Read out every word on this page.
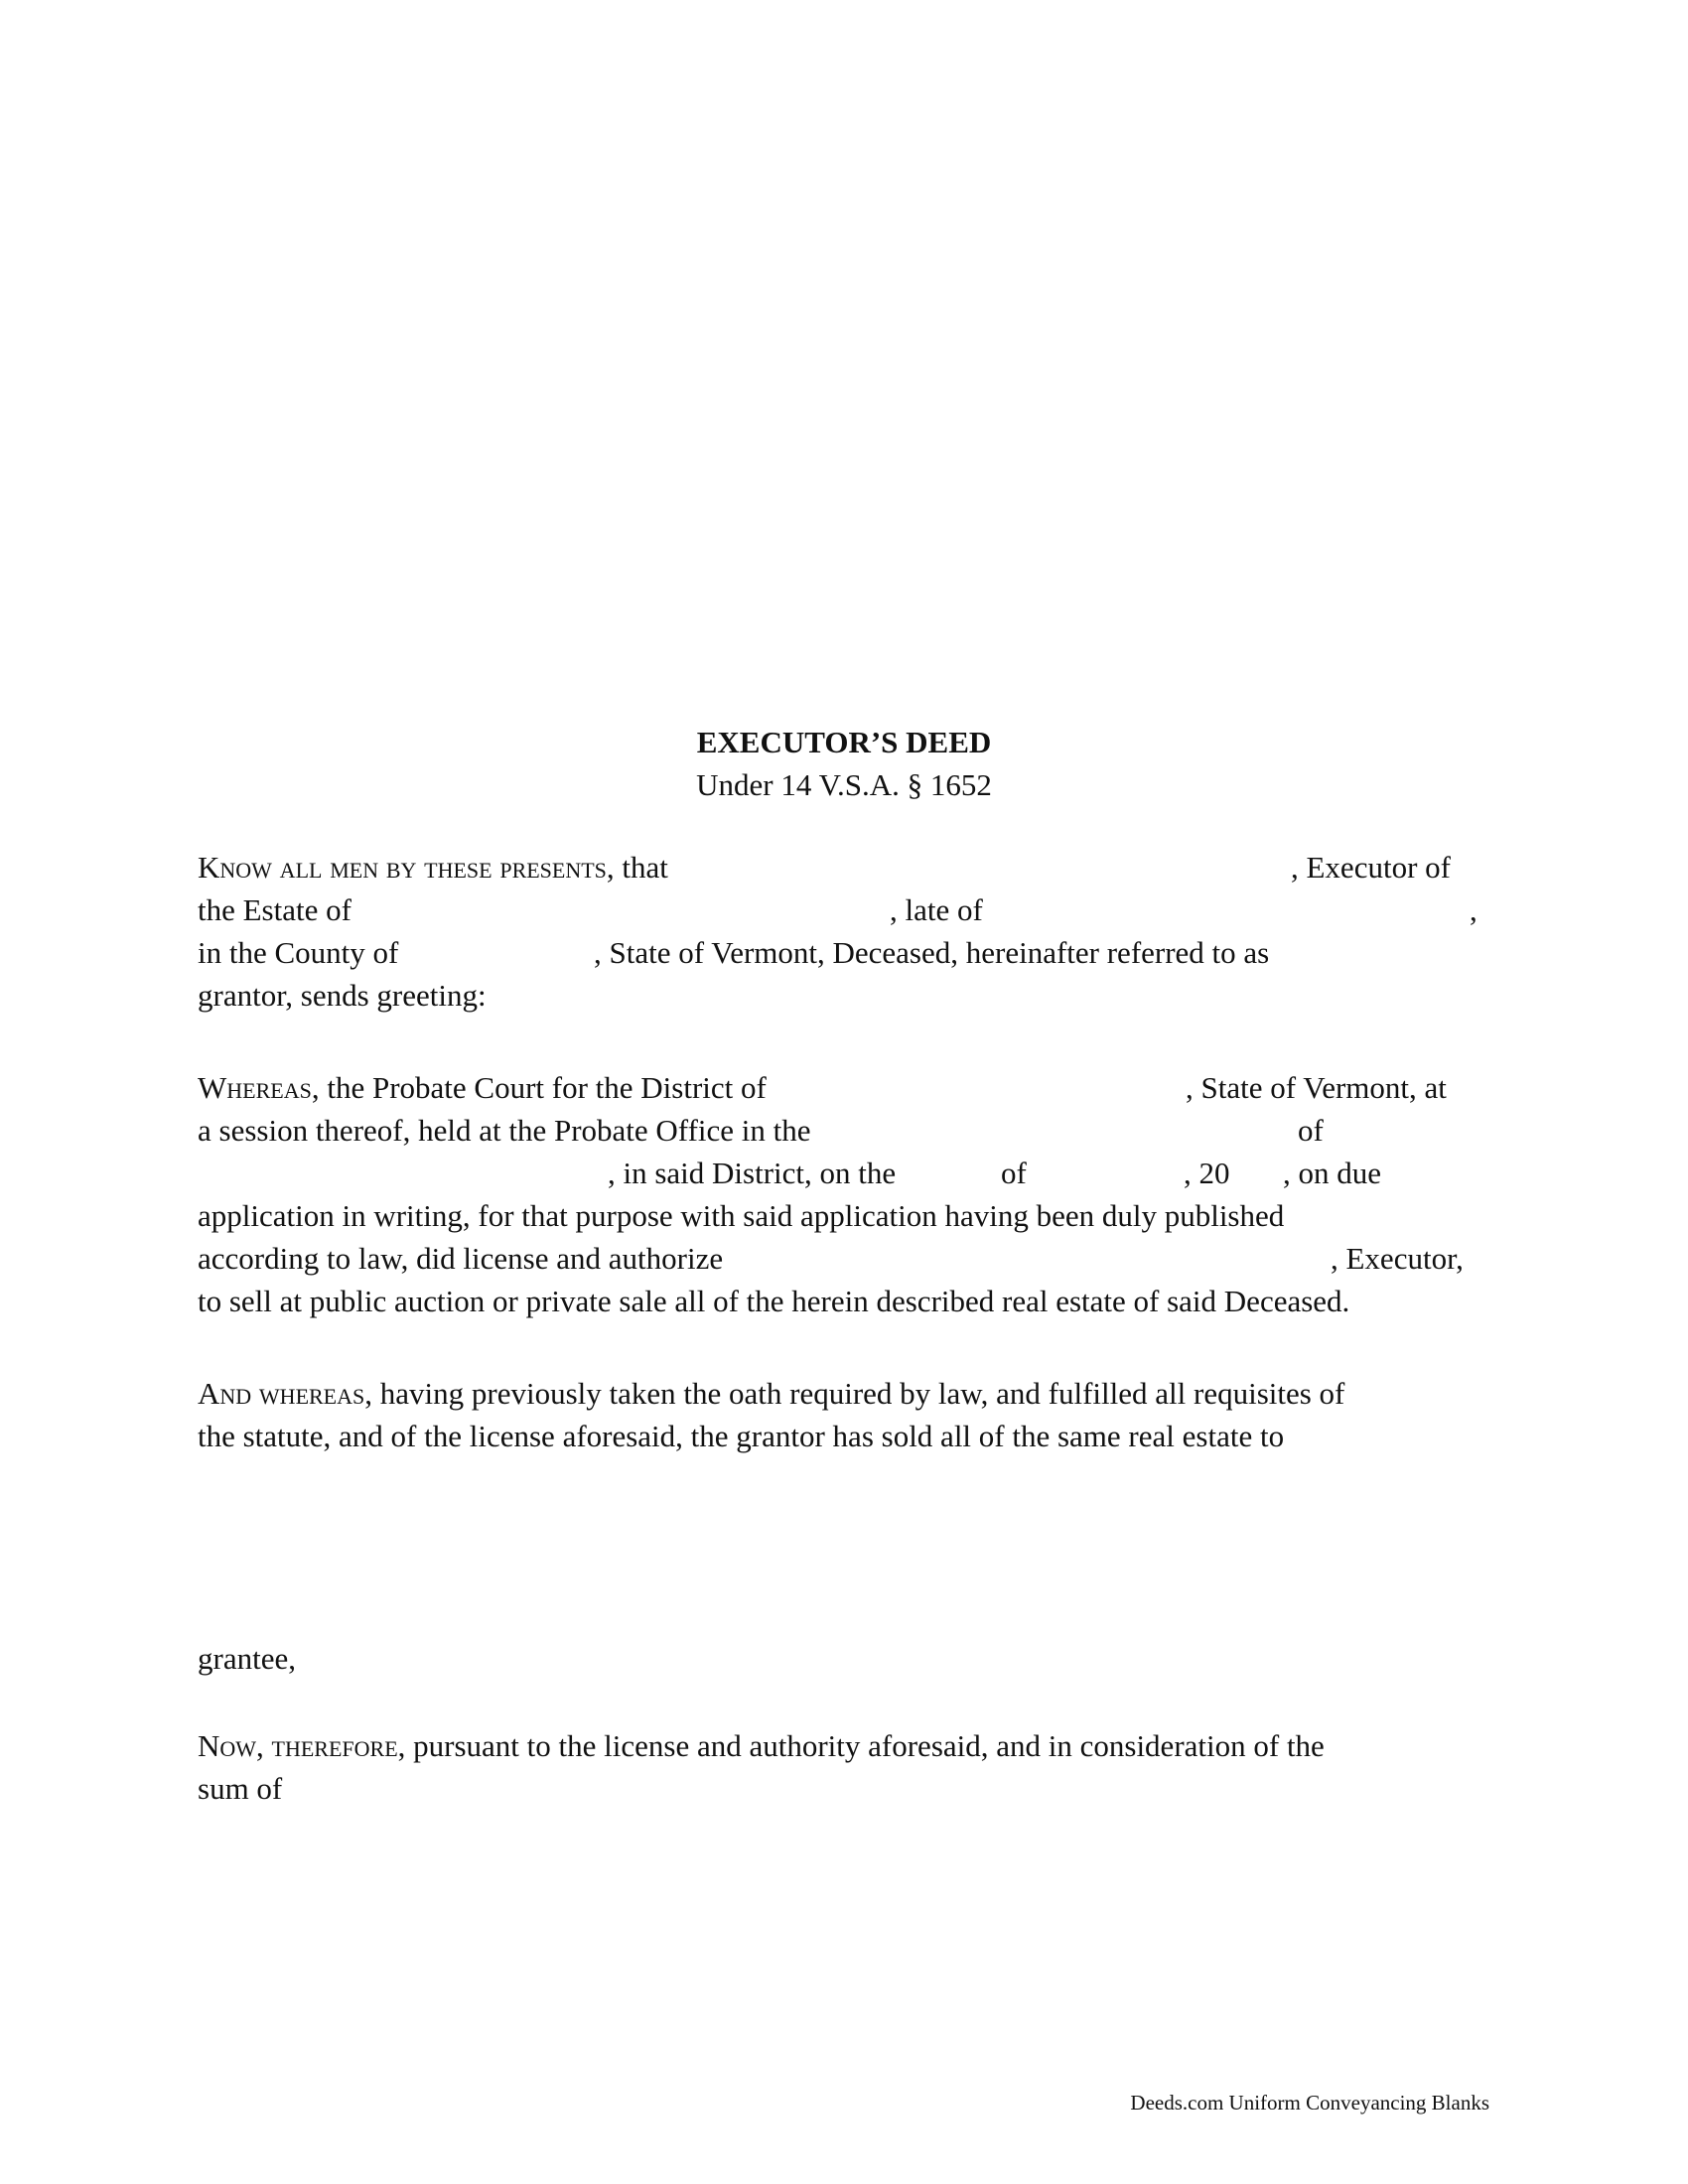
EXECUTOR’S DEED
Under 14 V.S.A. § 1652
Know all men by these presents, that	, Executor of
the Estate of	, late of	,
in the County of	, State of Vermont, Deceased, hereinafter referred to as
grantor, sends greeting:
Whereas, the Probate Court for the District of	, State of Vermont, at
a session thereof, held at the Probate Office in the	of
, in said District, on the	of	, 20 , on due
application in writing, for that purpose with said application having been duly published
according to law, did license and authorize	, Executor,
to sell at public auction or private sale all of the herein described real estate of said Deceased.
And whereas, having previously taken the oath required by law, and fulfilled all requisites of
the statute, and of the license aforesaid, the grantor has sold all of the same real estate to
grantee,
Now, therefore, pursuant to the license and authority aforesaid, and in consideration of the
sum of
Deeds.com Uniform Conveyancing Blanks
